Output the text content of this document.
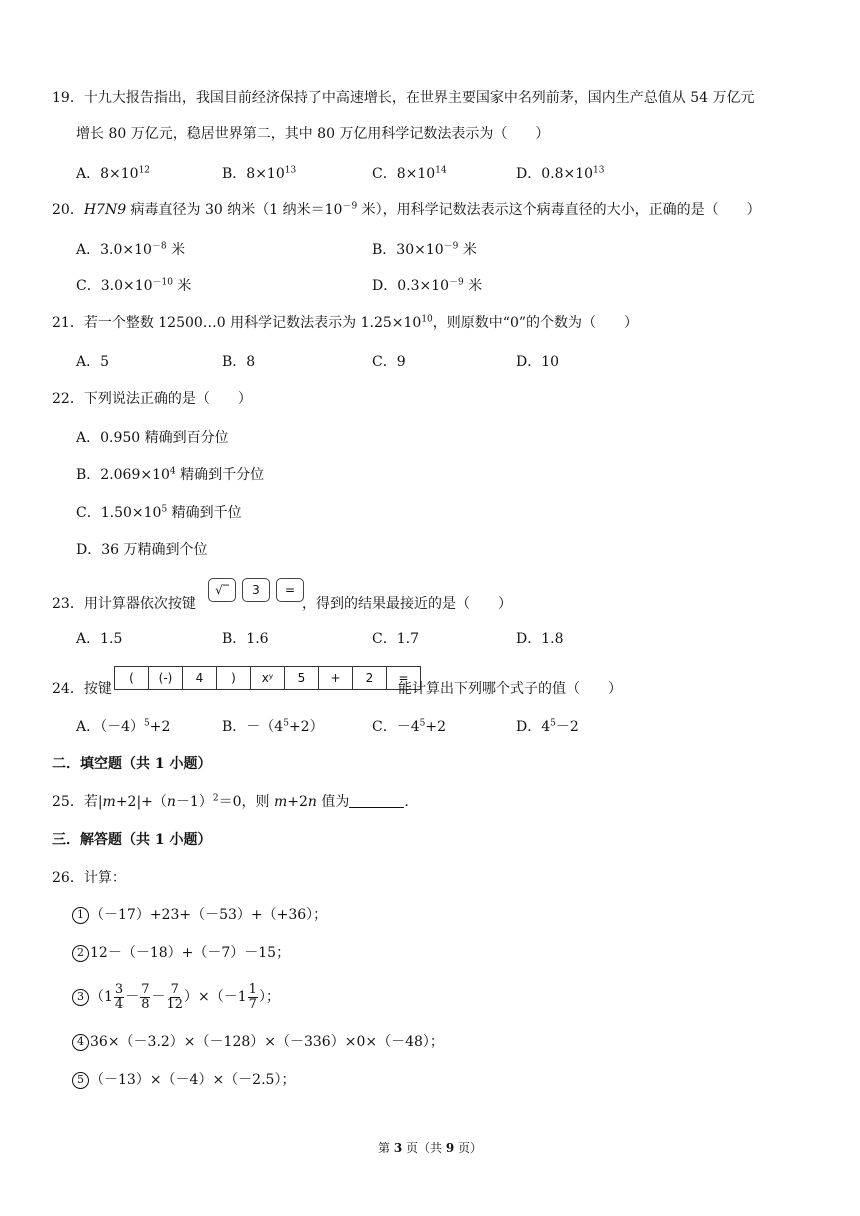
19．十九大报告指出，我国目前经济保持了中高速增长，在世界主要国家中名列前茅，国内生产总值从 54 万亿元
增长 80 万亿元，稳居世界第二，其中 80 万亿用科学记数法表示为（　　）
A．$8\times 10^{12}$	B．$8\times 10^{13}$	C．$8\times 10^{14}$	D．$0.8\times 10^{13}$
20．H7N9 病毒直径为 30 纳米（1 纳米$=10^{-9}$ 米），用科学记数法表示这个病毒直径的大小，正确的是（　　）
A．$3.0\times 10^{-8}$ 米	B．$30\times 10^{-9}$ 米
C．$3.0\times 10^{-10}$ 米	D．$0.3\times 10^{-9}$ 米
21．若一个整数 12500…0 用科学记数法表示为 $1.25\times 10^{10}$，则原数中“0”的个数为（　　）
A．5	B．8	C．9	D．10
22．下列说法正确的是（　　）
A．0.950 精确到百分位
B．$2.069\times 10^4$ 精确到千分位
C．$1.50\times 10^5$ 精确到千位
D．36 万精确到个位
23．用计算器依次按键
√‾	3	=
，得到的结果最接近的是（　　）
A．1.5	B．1.6	C．1.7	D．1.8
24．按键
(	(-)	4	)	xʸ	5	+	2	=
能计算出下列哪个式子的值（　　）
A．$(-4)^5+2$	B．$-(4^5+2)$	C．$-4^5+2$	D．$4^5-2$
二．填空题（共 1 小题）
25．若$|m+2|+(n-1)^2=0$，则 m+2n 值为	.
三．解答题（共 1 小题）
26．计算：
1 （－17）+23+（－53）+（+36）；
2 12－（－18）+（－7）－15；
3 $(1 \frac{3}{4} - \frac{7}{8} - \frac{7}{12} )\times(-1 \frac{1}{7}$ ）；
4 36×（－3.2）×（－128）×（－336）×0×（－48）；
5 （－13）×（－4）×（－2.5）；
第 3 页（共 9 页）
